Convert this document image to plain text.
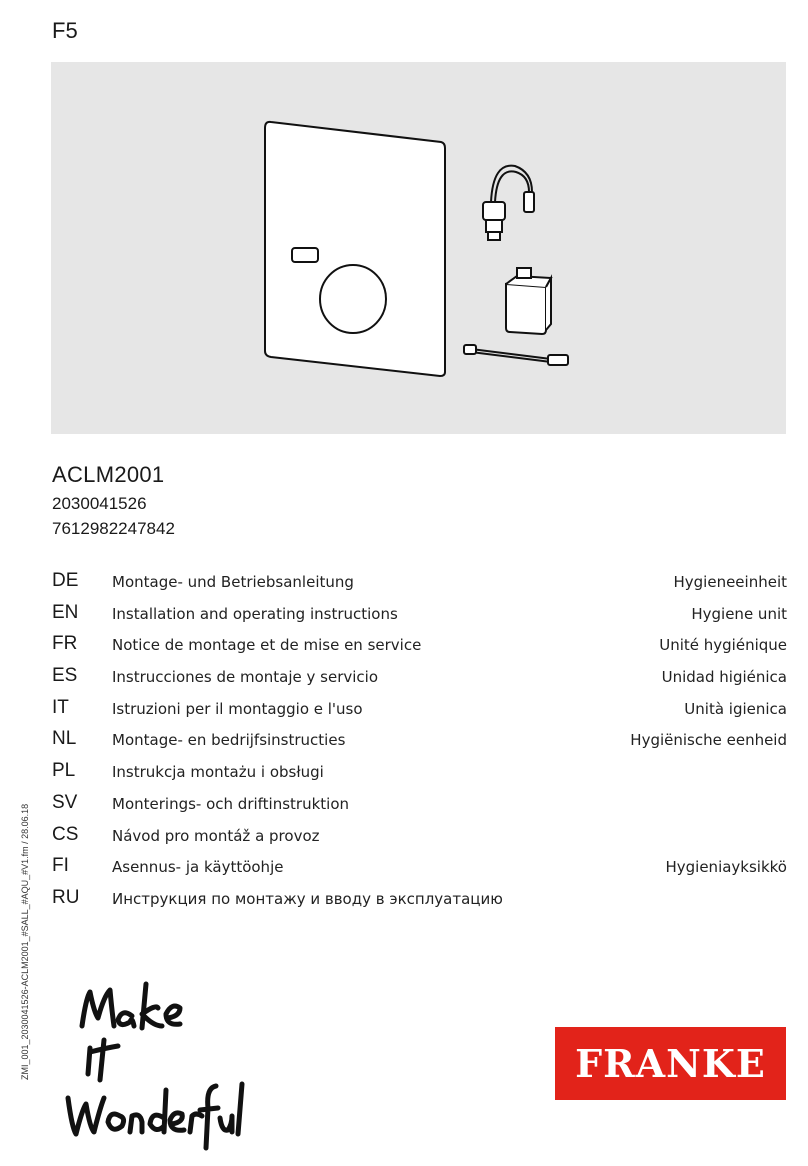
F5
ACLM2001
2030041526
7612982247842
DE Montage- und Betriebsanleitung	Hygieneeinheit
EN Installation and operating instructions	Hygiene unit
FR Notice de montage et de mise en service	Unité hygiénique
ES Instrucciones de montaje y servicio	Unidad higiénica
IT	Istruzioni per il montaggio e l'uso	Unità igienica
NL Montage- en bedrijfsinstructies	Hygiënische eenheid
PL Instrukcja montażu i obsługi
SV Monterings- och driftinstruktion
CS Návod pro montáž a provoz
FI	Asennus- ja käyttöohje	Hygieniayksikkö
RU Инструкция по монтажу и вводу в эксплуатацию
ZMI_001_2030041526-ACLM2001_#SALL_#AQU_#V1.fm / 28.06.18	FRANKE
